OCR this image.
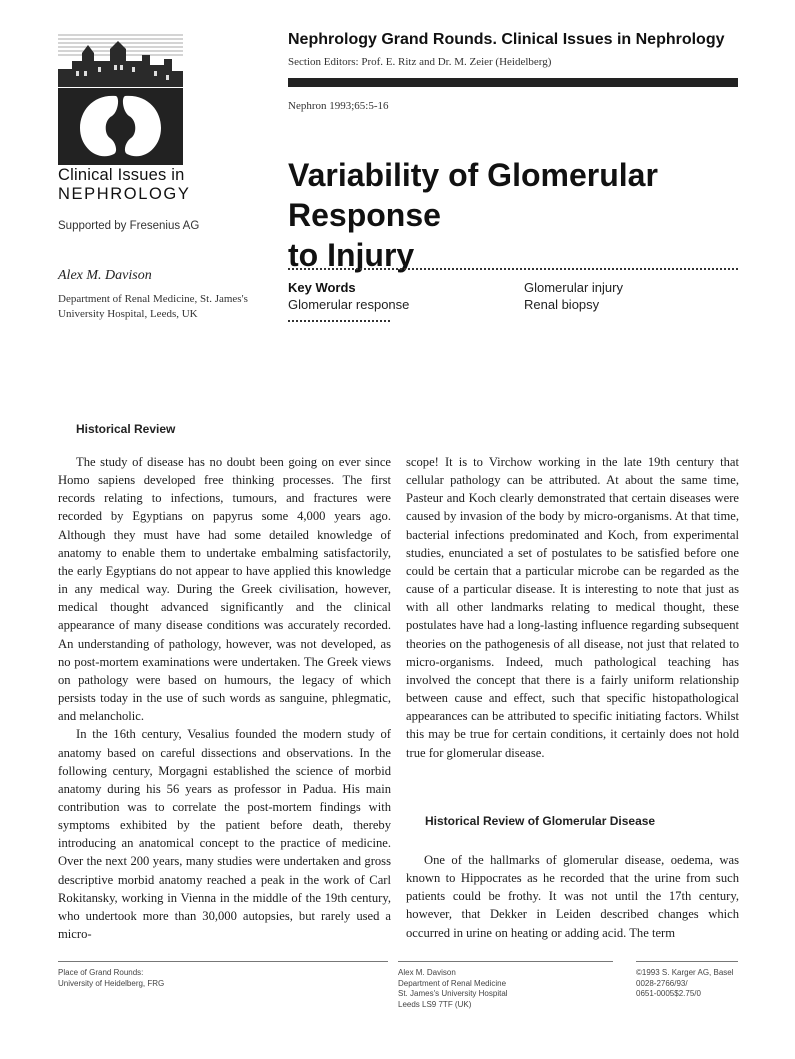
Clinical Issues in
NEPHROLOGY
Supported by Fresenius AG
Nephrology Grand Rounds. Clinical Issues in Nephrology
Section Editors: Prof. E. Ritz and Dr. M. Zeier (Heidelberg)
Nephron 1993;65:5-16
Variability of Glomerular Response
to Injury
Alex M. Davison
Department of Renal Medicine, St. James's University Hospital, Leeds, UK
Key Words
Glomerular response
Glomerular injury
Renal biopsy
Historical Review

The study of disease has no doubt been going on ever since Homo sapiens developed free thinking processes. The first records relating to infections, tumours, and fractures were recorded by Egyptians on papyrus some 4,000 years ago. Although they must have had some detailed knowledge of anatomy to enable them to undertake embalming satisfactorily, the early Egyptians do not appear to have applied this knowledge in any medical way. During the Greek civilisation, however, medical thought advanced significantly and the clinical appearance of many disease conditions was accurately recorded. An understanding of pathology, however, was not developed, as no post-mortem examinations were undertaken. The Greek views on pathology were based on humours, the legacy of which persists today in the use of such words as sanguine, phlegmatic, and melancholic.

In the 16th century, Vesalius founded the modern study of anatomy based on careful dissections and observations. In the following century, Morgagni established the science of morbid anatomy during his 56 years as professor in Padua. His main contribution was to correlate the post-mortem findings with symptoms exhibited by the patient before death, thereby introducing an anatomical concept to the practice of medicine. Over the next 200 years, many studies were undertaken and gross descriptive morbid anatomy reached a peak in the work of Carl Rokitansky, working in Vienna in the middle of the 19th century, who undertook more than 30,000 autopsies, but rarely used a micro-

scope! It is to Virchow working in the late 19th century that cellular pathology can be attributed. At about the same time, Pasteur and Koch clearly demonstrated that certain diseases were caused by invasion of the body by micro-organisms. At that time, bacterial infections predominated and Koch, from experimental studies, enunciated a set of postulates to be satisfied before one could be certain that a particular microbe can be regarded as the cause of a particular disease. It is interesting to note that just as with all other landmarks relating to medical thought, these postulates have had a long-lasting influence regarding subsequent theories on the pathogenesis of all disease, not just that related to micro-organisms. Indeed, much pathological teaching has involved the concept that there is a fairly uniform relationship between cause and effect, such that specific histopathological appearances can be attributed to specific initiating factors. Whilst this may be true for certain conditions, it certainly does not hold true for glomerular disease.

Historical Review of Glomerular Disease

One of the hallmarks of glomerular disease, oedema, was known to Hippocrates as he recorded that the urine from such patients could be frothy. It was not until the 17th century, however, that Dekker in Leiden described changes which occurred in urine on heating or adding acid. The term

Place of Grand Rounds:
University of Heidelberg, FRG
Alex M. Davison
Department of Renal Medicine
St. James's University Hospital
Leeds LS9 7TF (UK)
©1993 S. Karger AG, Basel
0028-2766/93/
0651-0005$2.75/0
